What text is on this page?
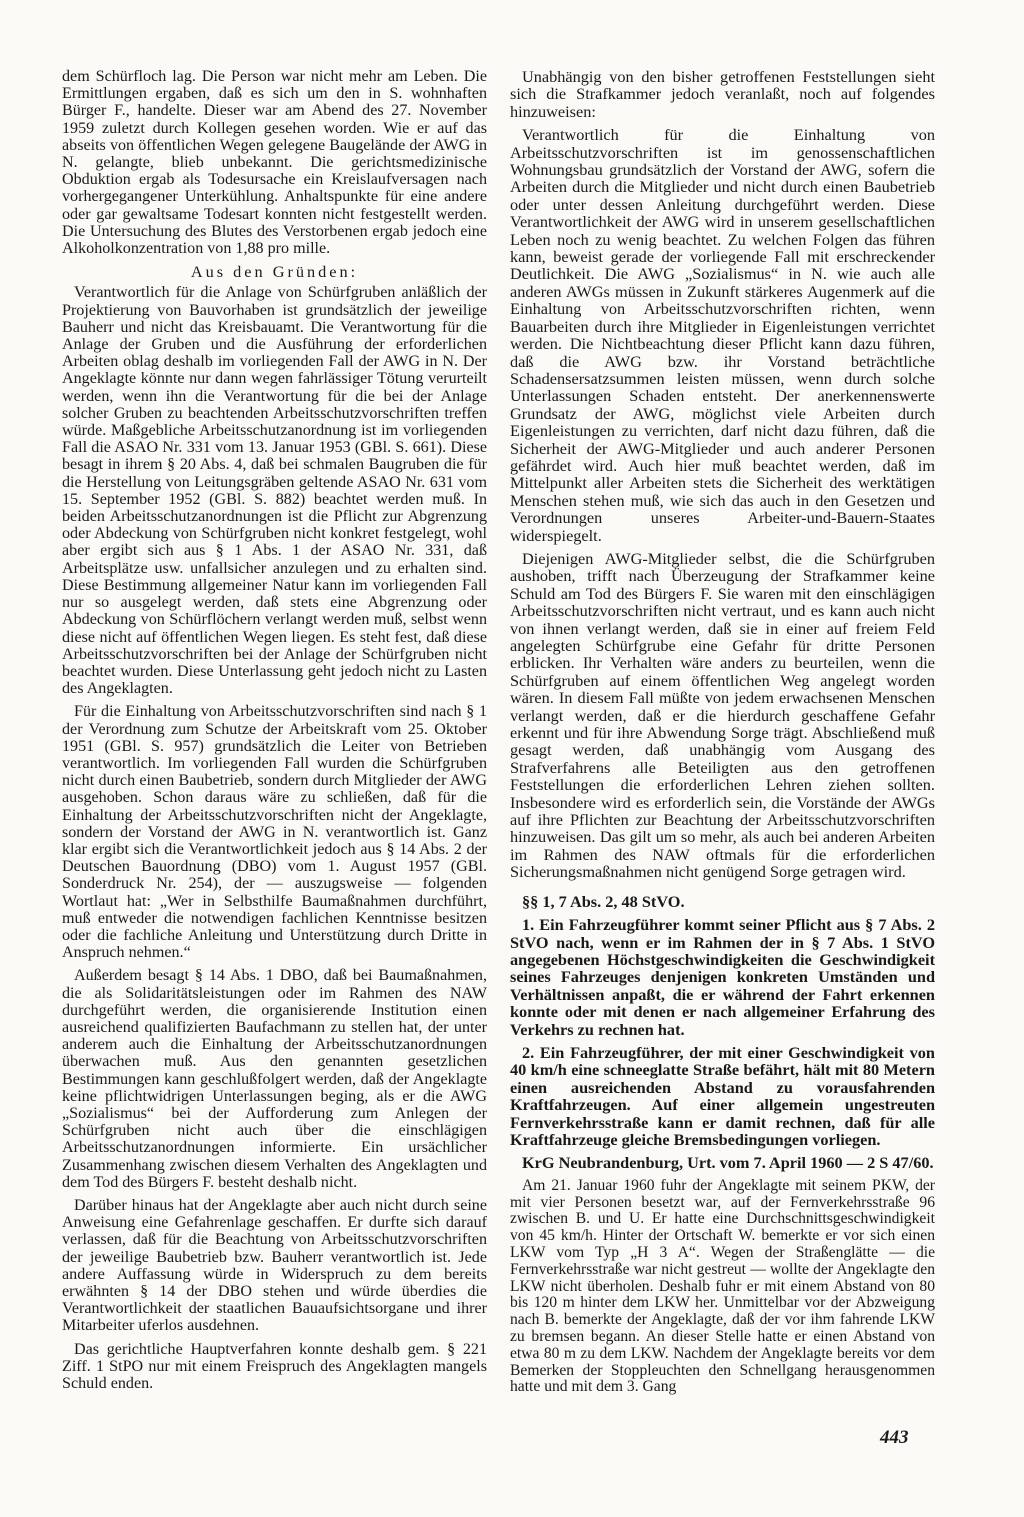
dem Schürfloch lag. Die Person war nicht mehr am Leben. Die Ermittlungen ergaben, daß es sich um den in S. wohnhaften Bürger F., handelte. Dieser war am Abend des 27. November 1959 zuletzt durch Kollegen gesehen worden. Wie er auf das abseits von öffentlichen Wegen gelegene Baugelände der AWG in N. gelangte, blieb unbekannt. Die gerichtsmedizinische Obduktion ergab als Todesursache ein Kreislaufversagen nach vorhergegangener Unterkühlung. Anhaltspunkte für eine andere oder gar gewaltsame Todesart konnten nicht festgestellt werden. Die Untersuchung des Blutes des Verstorbenen ergab jedoch eine Alkoholkonzentration von 1,88 pro mille.

Aus den Gründen:

Verantwortlich für die Anlage von Schürfgruben anläßlich der Projektierung von Bauvorhaben ist grundsätzlich der jeweilige Bauherr und nicht das Kreisbauamt. Die Verantwortung für die Anlage der Gruben und die Ausführung der erforderlichen Arbeiten oblag deshalb im vorliegenden Fall der AWG in N. Der Angeklagte könnte nur dann wegen fahrlässiger Tötung verurteilt werden, wenn ihn die Verantwortung für die bei der Anlage solcher Gruben zu beachtenden Arbeitsschutzvorschriften treffen würde. Maßgebliche Arbeitsschutzanordnung ist im vorliegenden Fall die ASAO Nr. 331 vom 13. Januar 1953 (GBl. S. 661). Diese besagt in ihrem § 20 Abs. 4, daß bei schmalen Baugruben die für die Herstellung von Leitungsgräben geltende ASAO Nr. 631 vom 15. September 1952 (GBl. S. 882) beachtet werden muß. In beiden Arbeitsschutzanordnungen ist die Pflicht zur Abgrenzung oder Abdeckung von Schürfgruben nicht konkret festgelegt, wohl aber ergibt sich aus § 1 Abs. 1 der ASAO Nr. 331, daß Arbeitsplätze usw. unfallsicher anzulegen und zu erhalten sind. Diese Bestimmung allgemeiner Natur kann im vorliegenden Fall nur so ausgelegt werden, daß stets eine Abgrenzung oder Abdeckung von Schürflöchern verlangt werden muß, selbst wenn diese nicht auf öffentlichen Wegen liegen. Es steht fest, daß diese Arbeitsschutzvorschriften bei der Anlage der Schürfgruben nicht beachtet wurden. Diese Unterlassung geht jedoch nicht zu Lasten des Angeklagten.

Für die Einhaltung von Arbeitsschutzvorschriften sind nach § 1 der Verordnung zum Schutze der Arbeitskraft vom 25. Oktober 1951 (GBl. S. 957) grundsätzlich die Leiter von Betrieben verantwortlich. Im vorliegenden Fall wurden die Schürfgruben nicht durch einen Baubetrieb, sondern durch Mitglieder der AWG ausgehoben. Schon daraus wäre zu schließen, daß für die Einhaltung der Arbeitsschutzvorschriften nicht der Angeklagte, sondern der Vorstand der AWG in N. verantwortlich ist. Ganz klar ergibt sich die Verantwortlichkeit jedoch aus § 14 Abs. 2 der Deutschen Bauordnung (DBO) vom 1. August 1957 (GBl. Sonderdruck Nr. 254), der — auszugsweise — folgenden Wortlaut hat: „Wer in Selbsthilfe Baumaßnahmen durchführt, muß entweder die notwendigen fachlichen Kenntnisse besitzen oder die fachliche Anleitung und Unterstützung durch Dritte in Anspruch nehmen.“

Außerdem besagt § 14 Abs. 1 DBO, daß bei Baumaßnahmen, die als Solidaritätsleistungen oder im Rahmen des NAW durchgeführt werden, die organisierende Institution einen ausreichend qualifizierten Baufachmann zu stellen hat, der unter anderem auch die Einhaltung der Arbeitsschutzanordnungen überwachen muß. Aus den genannten gesetzlichen Bestimmungen kann geschlußfolgert werden, daß der Angeklagte keine pflichtwidrigen Unterlassungen beging, als er die AWG „Sozialismus“ bei der Aufforderung zum Anlegen der Schürfgruben nicht auch über die einschlägigen Arbeitsschutzanordnungen informierte. Ein ursächlicher Zusammenhang zwischen diesem Verhalten des Angeklagten und dem Tod des Bürgers F. besteht deshalb nicht.

Darüber hinaus hat der Angeklagte aber auch nicht durch seine Anweisung eine Gefahrenlage geschaffen. Er durfte sich darauf verlassen, daß für die Beachtung von Arbeitsschutzvorschriften der jeweilige Baubetrieb bzw. Bauherr verantwortlich ist. Jede andere Auffassung würde in Widerspruch zu dem bereits erwähnten § 14 der DBO stehen und würde überdies die Verantwortlichkeit der staatlichen Bauaufsichtsorgane und ihrer Mitarbeiter uferlos ausdehnen.

Das gerichtliche Hauptverfahren konnte deshalb gem. § 221 Ziff. 1 StPO nur mit einem Freispruch des Angeklagten mangels Schuld enden.

Unabhängig von den bisher getroffenen Feststellungen sieht sich die Strafkammer jedoch veranlaßt, noch auf folgendes hinzuweisen:

Verantwortlich für die Einhaltung von Arbeitsschutzvorschriften ist im genossenschaftlichen Wohnungsbau grundsätzlich der Vorstand der AWG, sofern die Arbeiten durch die Mitglieder und nicht durch einen Baubetrieb oder unter dessen Anleitung durchgeführt werden. Diese Verantwortlichkeit der AWG wird in unserem gesellschaftlichen Leben noch zu wenig beachtet. Zu welchen Folgen das führen kann, beweist gerade der vorliegende Fall mit erschreckender Deutlichkeit. Die AWG „Sozialismus“ in N. wie auch alle anderen AWGs müssen in Zukunft stärkeres Augenmerk auf die Einhaltung von Arbeitsschutzvorschriften richten, wenn Bauarbeiten durch ihre Mitglieder in Eigenleistungen verrichtet werden. Die Nichtbeachtung dieser Pflicht kann dazu führen, daß die AWG bzw. ihr Vorstand beträchtliche Schadensersatzsummen leisten müssen, wenn durch solche Unterlassungen Schaden entsteht. Der anerkennenswerte Grundsatz der AWG, möglichst viele Arbeiten durch Eigenleistungen zu verrichten, darf nicht dazu führen, daß die Sicherheit der AWG-Mitglieder und auch anderer Personen gefährdet wird. Auch hier muß beachtet werden, daß im Mittelpunkt aller Arbeiten stets die Sicherheit des werktätigen Menschen stehen muß, wie sich das auch in den Gesetzen und Verordnungen unseres Arbeiter-und-Bauern-Staates widerspiegelt.

Diejenigen AWG-Mitglieder selbst, die die Schürfgruben aushoben, trifft nach Überzeugung der Strafkammer keine Schuld am Tod des Bürgers F. Sie waren mit den einschlägigen Arbeitsschutzvorschriften nicht vertraut, und es kann auch nicht von ihnen verlangt werden, daß sie in einer auf freiem Feld angelegten Schürfgrube eine Gefahr für dritte Personen erblicken. Ihr Verhalten wäre anders zu beurteilen, wenn die Schürfgruben auf einem öffentlichen Weg angelegt worden wären. In diesem Fall müßte von jedem erwachsenen Menschen verlangt werden, daß er die hierdurch geschaffene Gefahr erkennt und für ihre Abwendung Sorge trägt. Abschließend muß gesagt werden, daß unabhängig vom Ausgang des Strafverfahrens alle Beteiligten aus den getroffenen Feststellungen die erforderlichen Lehren ziehen sollten. Insbesondere wird es erforderlich sein, die Vorstände der AWGs auf ihre Pflichten zur Beachtung der Arbeitsschutzvorschriften hinzuweisen. Das gilt um so mehr, als auch bei anderen Arbeiten im Rahmen des NAW oftmals für die erforderlichen Sicherungsmaßnahmen nicht genügend Sorge getragen wird.

§§ 1, 7 Abs. 2, 48 StVO.

1. Ein Fahrzeugführer kommt seiner Pflicht aus § 7 Abs. 2 StVO nach, wenn er im Rahmen der in § 7 Abs. 1 StVO angegebenen Höchstgeschwindigkeiten die Geschwindigkeit seines Fahrzeuges denjenigen konkreten Umständen und Verhältnissen anpaßt, die er während der Fahrt erkennen konnte oder mit denen er nach allgemeiner Erfahrung des Verkehrs zu rechnen hat.

2. Ein Fahrzeugführer, der mit einer Geschwindigkeit von 40 km/h eine schneeglatte Straße befährt, hält mit 80 Metern einen ausreichenden Abstand zu vorausfahrenden Kraftfahrzeugen. Auf einer allgemein ungestreuten Fernverkehrsstraße kann er damit rechnen, daß für alle Kraftfahrzeuge gleiche Bremsbedingungen vorliegen.

KrG Neubrandenburg, Urt. vom 7. April 1960 — 2 S 47/60.

Am 21. Januar 1960 fuhr der Angeklagte mit seinem PKW, der mit vier Personen besetzt war, auf der Fernverkehrsstraße 96 zwischen B. und U. Er hatte eine Durchschnittsgeschwindigkeit von 45 km/h. Hinter der Ortschaft W. bemerkte er vor sich einen LKW vom Typ „H 3 A“. Wegen der Straßenglätte — die Fernverkehrsstraße war nicht gestreut — wollte der Angeklagte den LKW nicht überholen. Deshalb fuhr er mit einem Abstand von 80 bis 120 m hinter dem LKW her. Unmittelbar vor der Abzweigung nach B. bemerkte der Angeklagte, daß der vor ihm fahrende LKW zu bremsen begann. An dieser Stelle hatte er einen Abstand von etwa 80 m zu dem LKW. Nachdem der Angeklagte bereits vor dem Bemerken der Stoppleuchten den Schnellgang herausgenommen hatte und mit dem 3. Gang

443
